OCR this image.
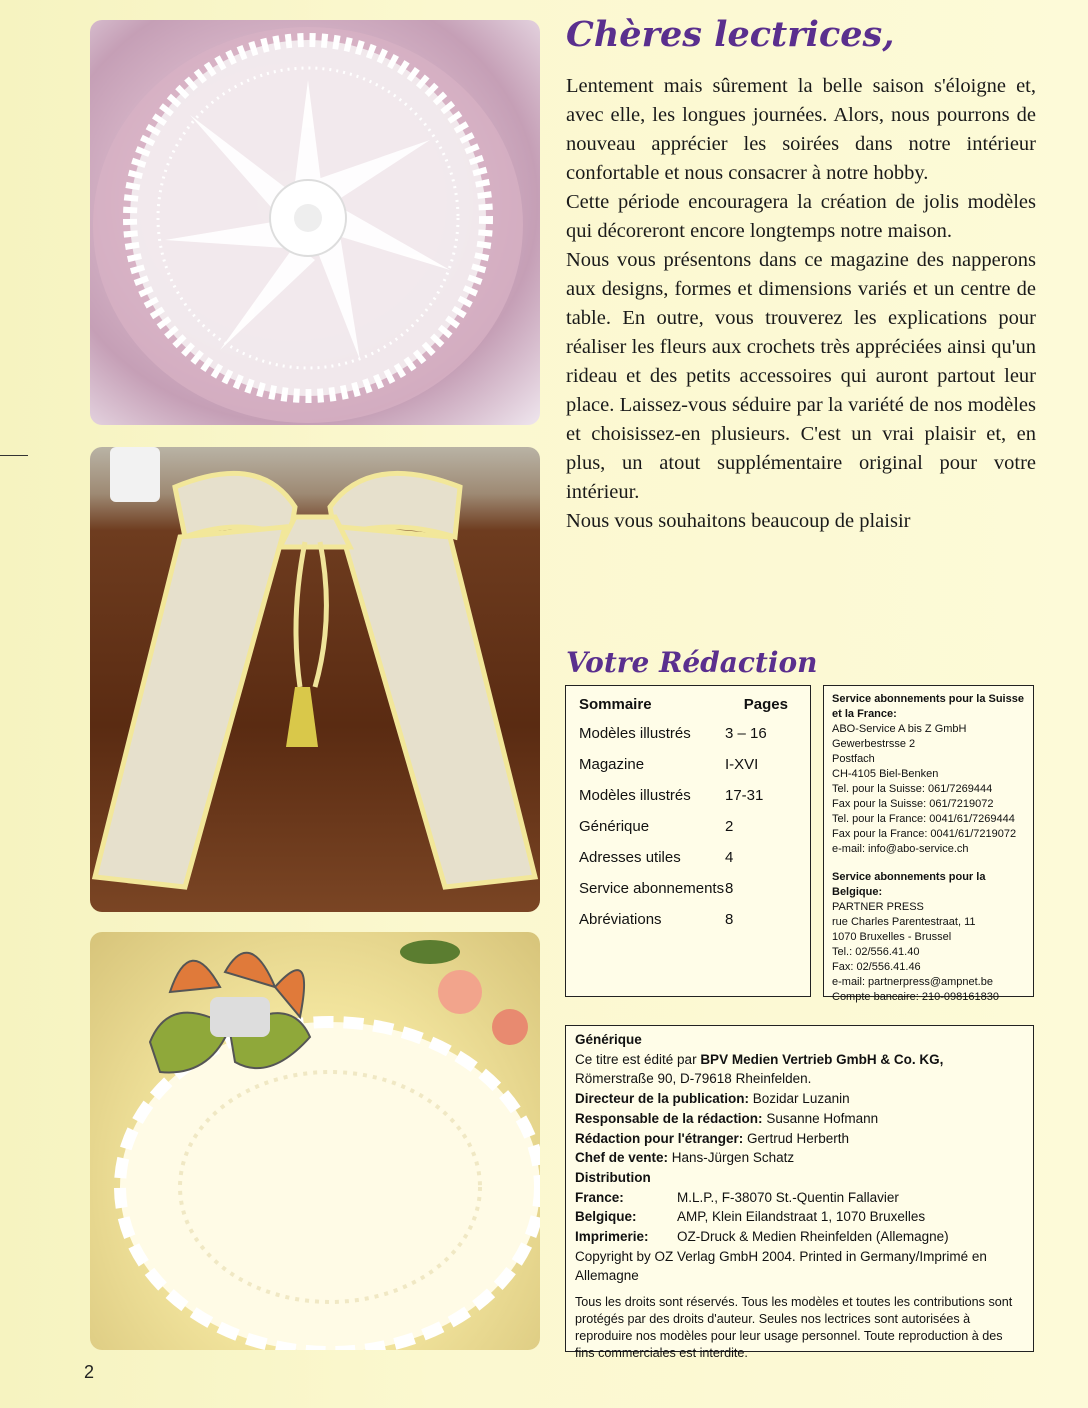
Chères lectrices,

Lentement mais sûrement la belle saison s'éloigne et, avec elle, les longues journées. Alors, nous pourrons de nouveau apprécier les soirées dans notre intérieur confortable et nous consacrer à notre hobby.

Cette période encouragera la création de jolis modèles qui décoreront encore longtemps notre maison.

Nous vous présentons dans ce magazine des napperons aux designs, formes et dimensions variés et un centre de table. En outre, vous trouverez les explications pour réaliser les fleurs aux crochets très appréciées ainsi qu'un rideau et des petits accessoires qui auront partout leur place. Laissez-vous séduire par la variété de nos modèles et choisissez-en plusieurs. C'est un vrai plaisir et, en plus, un atout supplémentaire original pour votre intérieur.

Nous vous souhaitons beaucoup de plaisir

Votre Rédaction

Sommaire	Pages
Modèles illustrés	3 – 16
Magazine	I-XVI
Modèles illustrés	17-31
Générique	2
Adresses utiles	4
Service abonnements 8
Abréviations	8
Service abonnements pour la Suisse et la France:
ABO-Service A bis Z GmbH
Gewerbestrsse 2
Postfach
CH-4105 Biel-Benken
Tel. pour la Suisse: 061/7269444
Fax pour la Suisse: 061/7219072
Tel. pour la France: 0041/61/7269444
Fax pour la France: 0041/61/7219072
e-mail: info@abo-service.ch
Service abonnements pour la Belgique:
PARTNER PRESS
rue Charles Parentestraat, 11
1070 Bruxelles - Brussel
Tel.: 02/556.41.40
Fax: 02/556.41.46
e-mail: partnerpress@ampnet.be
Compte bancaire: 210-098161830
Générique
Ce titre est édité par BPV Medien Vertrieb GmbH & Co. KG,
Römerstraße 90, D-79618 Rheinfelden.
Directeur de la publication: Bozidar Luzanin
Responsable de la rédaction: Susanne Hofmann
Rédaction pour l'étranger: Gertrud Herberth
Chef de vente: Hans-Jürgen Schatz
Distribution
France:	M.L.P., F-38070 St.-Quentin Fallavier
Belgique:	AMP, Klein Eilandstraat 1, 1070 Bruxelles
Imprimerie:	OZ-Druck & Medien Rheinfelden (Allemagne)
Copyright by OZ Verlag GmbH 2004. Printed in Germany/Imprimé en Allemagne
Tous les droits sont réservés. Tous les modèles et toutes les contributions sont protégés par des droits d'auteur. Seules nos lectrices sont autorisées à reproduire nos modèles pour leur usage personnel. Toute reproduction à des fins commerciales est interdite.
2
